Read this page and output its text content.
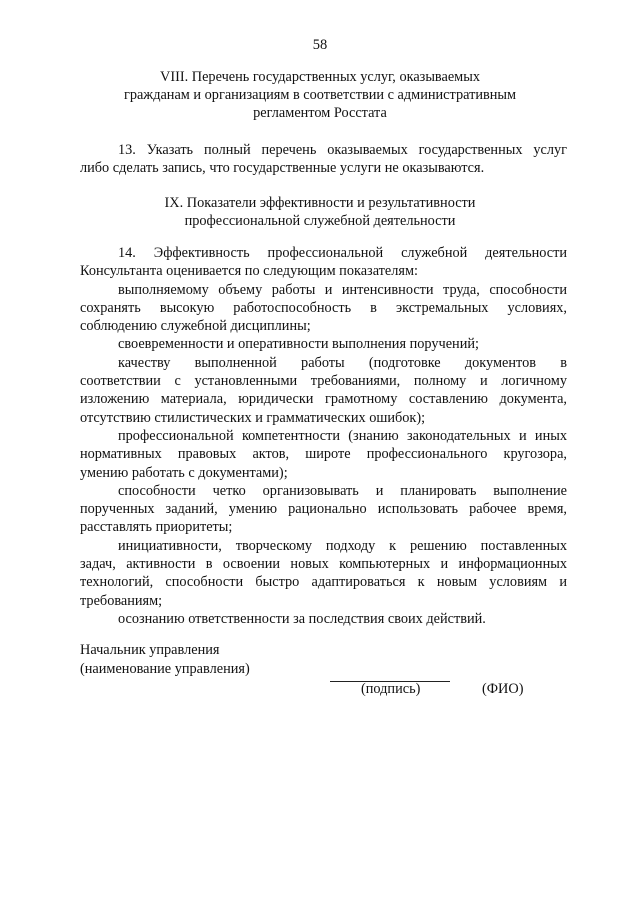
58
VIII. Перечень государственных услуг, оказываемых
гражданам и организациям в соответствии с административным
регламентом Росстата
13. Указать полный перечень оказываемых государственных услуг
либо сделать запись, что государственные услуги не оказываются.
IX. Показатели эффективности и результативности
профессиональной служебной деятельности
14. Эффективность профессиональной служебной деятельности
Консультанта оценивается по следующим показателям:
выполняемому объему работы и интенсивности труда, способности
сохранять высокую работоспособность в экстремальных условиях,
соблюдению служебной дисциплины;
своевременности и оперативности выполнения поручений;
качеству выполненной работы (подготовке документов в
соответствии с установленными требованиями, полному и логичному
изложению материала, юридически грамотному составлению документа,
отсутствию стилистических и грамматических ошибок);
профессиональной компетентности (знанию законодательных и иных
нормативных правовых актов, широте профессионального кругозора,
умению работать с документами);
способности четко организовывать и планировать выполнение
порученных заданий, умению рационально использовать рабочее время,
расставлять приоритеты;
инициативности, творческому подходу к решению поставленных
задач, активности в освоении новых компьютерных и информационных
технологий, способности быстро адаптироваться к новым условиям и
требованиям;
осознанию ответственности за последствия своих действий.
Начальник управления
(наименование управления)
(подпись)	(ФИО)
